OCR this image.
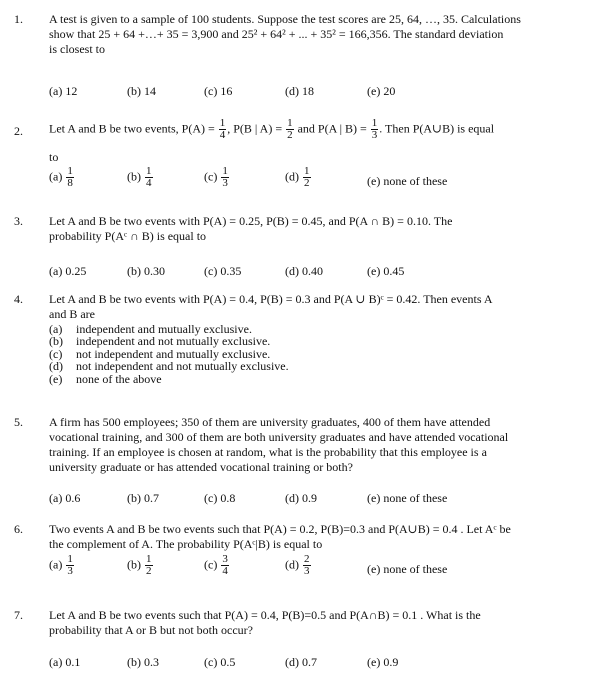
1. A test is given to a sample of 100 students. Suppose the test scores are 25, 64, …, 35. Calculations
show that 25 + 64 +…+ 35 = 3,900 and 25² + 64² + ... + 35² = 166,356. The standard deviation
is closest to
(a) 12	(b) 14	(c) 16	(d) 18	(e) 20
2. Let A and B be two events, $P(A) = \frac{1}{4}$ , P(B | $A) = \frac{1}{2}$ and P(A | $B) = \frac{1}{3}$ . Then P(A∪B) is equal
to
$(a) \frac{1}{8}$	$(b) \frac{1}{4}$	$(c) \frac{1}{3}$	$(d) \frac{1}{2}$	(e) none of these
3. Let A and B be two events with P(A) = 0.25, P(B) = 0.45, and P(A ∩ B) = 0.10. The
probability P(Aᶜ ∩ B) is equal to
(a) 0.25	(b) 0.30	(c) 0.35	(d) 0.40	(e) 0.45
4. Let A and B be two events with P(A) = 0.4, P(B) = 0.3 and P(A ∪ B)ᶜ = 0.42. Then events A
and B are
(a) independent and mutually exclusive.
(b) independent and not mutually exclusive.
(c) not independent and mutually exclusive.
(d) not independent and not mutually exclusive.
(e) none of the above
5. A firm has 500 employees; 350 of them are university graduates, 400 of them have attended
vocational training, and 300 of them are both university graduates and have attended vocational
training. If an employee is chosen at random, what is the probability that this employee is a
university graduate or has attended vocational training or both?
(a) 0.6	(b) 0.7	(c) 0.8	(d) 0.9	(e) none of these
6. Two events A and B be two events such that P(A) = 0.2, P(B)=0.3 and P(A∪B) = 0.4 . Let Aᶜ be
the complement of A. The probability P(Aᶜ|B) is equal to
$(a) \frac{1}{3}$	$(b) \frac{1}{2}$	$(c) \frac{3}{4}$	$(d) \frac{2}{3}$	(e) none of these
7. Let A and B be two events such that P(A) = 0.4, P(B)=0.5 and P(A∩B) = 0.1 . What is the
probability that A or B but not both occur?
(a) 0.1	(b) 0.3	(c) 0.5	(d) 0.7	(e) 0.9
